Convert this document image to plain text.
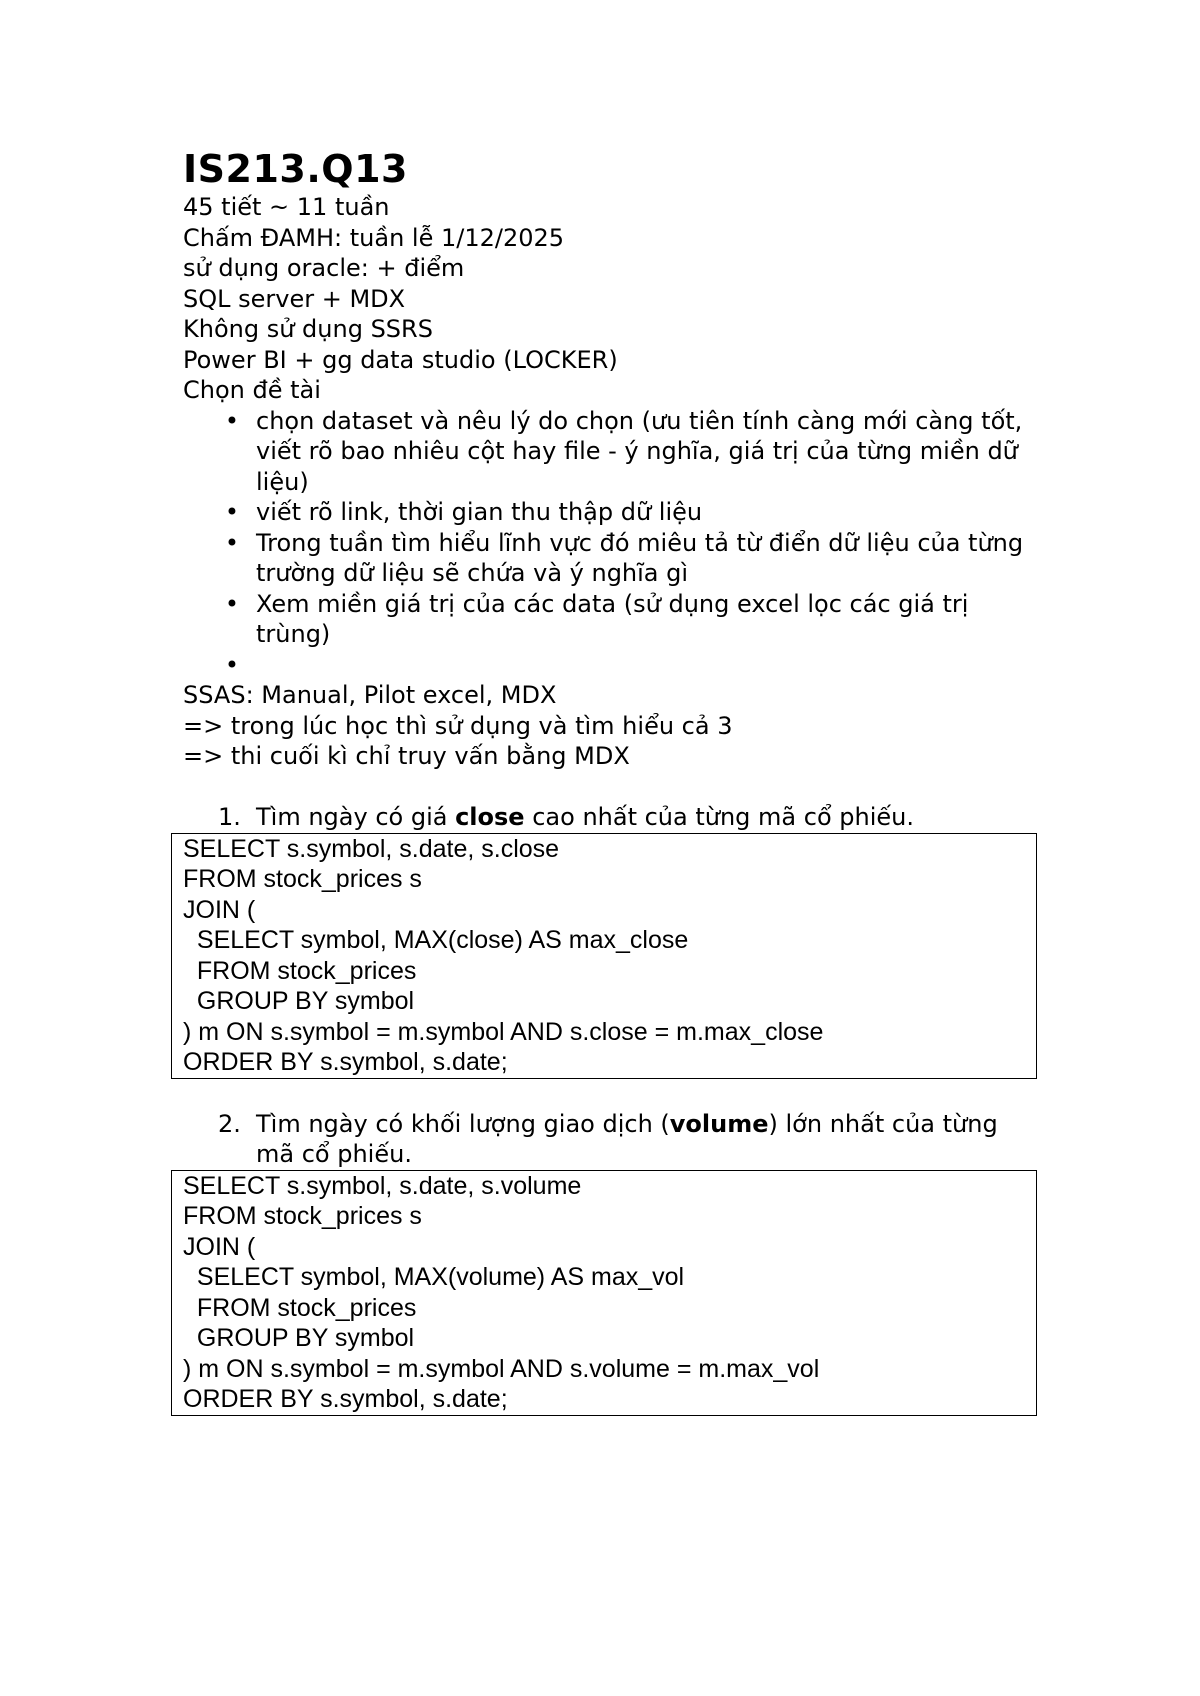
IS213.Q13
45 tiết ~ 11 tuần
Chấm ĐAMH: tuần lễ 1/12/2025
sử dụng oracle: + điểm
SQL server + MDX
Không sử dụng SSRS
Power BI + gg data studio (LOCKER)
Chọn đề tài
• chọn dataset và nêu lý do chọn (ưu tiên tính càng mới càng tốt, viết rõ bao nhiêu cột hay file - ý nghĩa, giá trị của từng miền dữ liệu)
• viết rõ link, thời gian thu thập dữ liệu
• Trong tuần tìm hiểu lĩnh vực đó miêu tả từ điển dữ liệu của từng trường dữ liệu sẽ chứa và ý nghĩa gì
• Xem miền giá trị của các data (sử dụng excel lọc các giá trị trùng)
•

SSAS: Manual, Pilot excel, MDX
=> trong lúc học thì sử dụng và tìm hiểu cả 3
=> thi cuối kì chỉ truy vấn bằng MDX
1. Tìm ngày có giá close cao nhất của từng mã cổ phiếu.
SELECT s.symbol, s.date, s.close
FROM stock_prices s
JOIN (
SELECT symbol, MAX(close) AS max_close
FROM stock_prices
GROUP BY symbol
) m ON s.symbol = m.symbol AND s.close = m.max_close
ORDER BY s.symbol, s.date;
2. Tìm ngày có khối lượng giao dịch (volume) lớn nhất của từng mã cổ phiếu.
SELECT s.symbol, s.date, s.volume
FROM stock_prices s
JOIN (
SELECT symbol, MAX(volume) AS max_vol
FROM stock_prices
GROUP BY symbol
) m ON s.symbol = m.symbol AND s.volume = m.max_vol
ORDER BY s.symbol, s.date;
